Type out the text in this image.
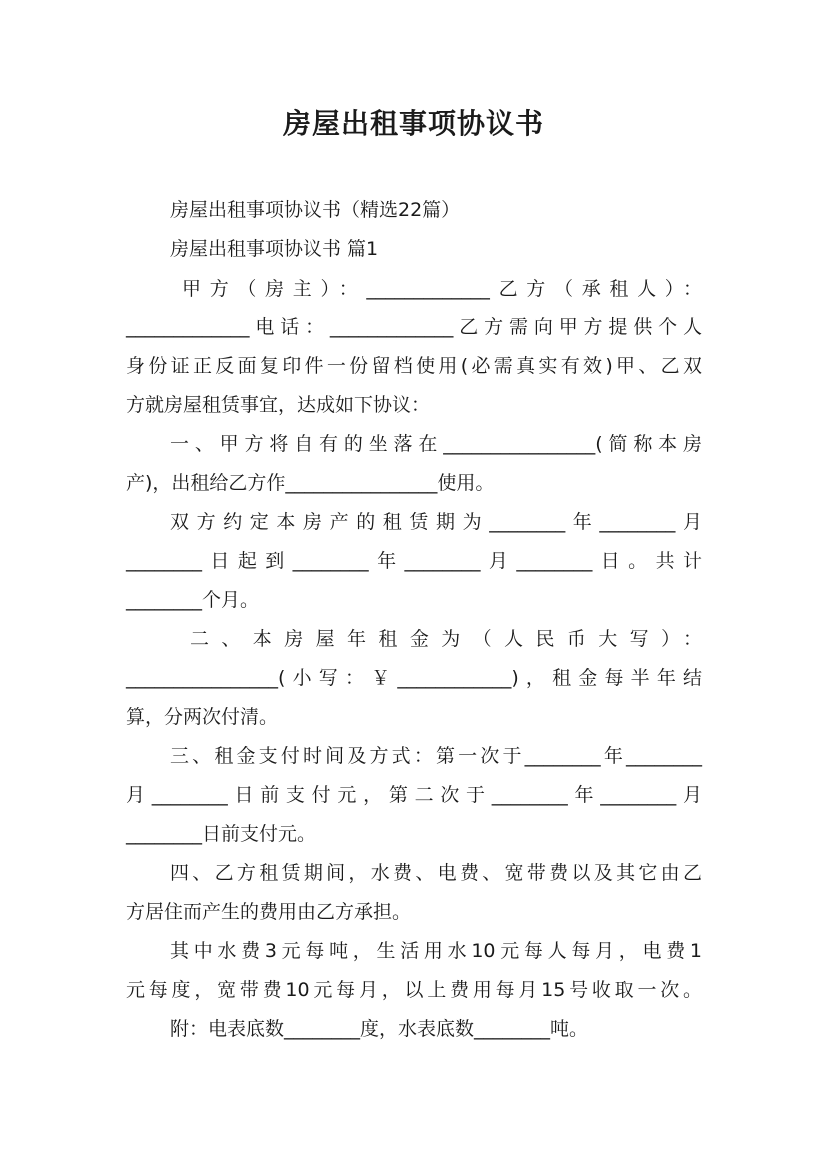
房屋出租事项协议书
房屋出租事项协议书（精选22篇）
房屋出租事项协议书 篇1
甲方（房主）：_____________乙方（承租人）：
_____________电话：_____________乙方需向甲方提供个人
身份证正反面复印件一份留档使用(必需真实有效)甲、乙双
方就房屋租赁事宜，达成如下协议：
一、甲方将自有的坐落在________________(简称本房
产)，出租给乙方作________________使用。
双方约定本房产的租赁期为________年________月
________日起到________年________月________日。共计
________个月。
二、本房屋年租金为（人民币大写）：
________________(小写：￥____________)，租金每半年结
算，分两次付清。
三、租金支付时间及方式：第一次于________年________
月________日前支付元，第二次于________年________月
________日前支付元。
四、乙方租赁期间，水费、电费、宽带费以及其它由乙
方居住而产生的费用由乙方承担。
其中水费3元每吨，生活用水10元每人每月，电费1
元每度，宽带费10元每月，以上费用每月15号收取一次。
附：电表底数________度，水表底数________吨。
